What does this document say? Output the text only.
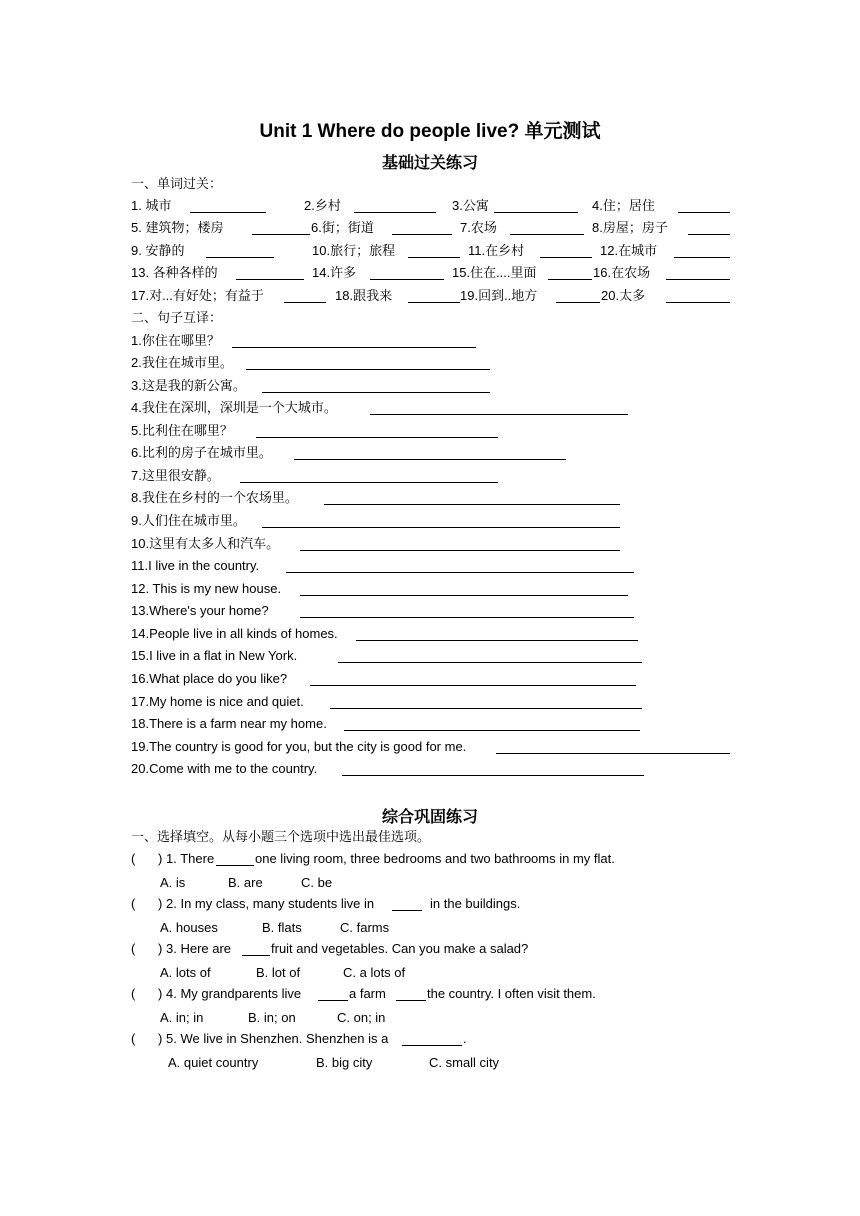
Unit 1 Where do people live? 单元测试
基础过关练习
一、单词过关：
1. 城市	2.乡村	3.公寓	4.住；居住
5. 建筑物；楼房	6.街；街道	7.农场	8.房屋；房子
9. 安静的	10.旅行；旅程	11.在乡村	12.在城市
13. 各种各样的	14.许多	15.住在....里面	16.在农场
17.对...有好处；有益于	18.跟我来	19.回到..地方	20.太多
二、句子互译：
1.你住在哪里？
2.我住在城市里。
3.这是我的新公寓。
4.我住在深圳，深圳是一个大城市。
5.比利住在哪里？
6.比利的房子在城市里。
7.这里很安静。
8.我住在乡村的一个农场里。
9.人们住在城市里。
10.这里有太多人和汽车。
11.I live in the country.
12. This is my new house.
13.Where's your home?
14.People live in all kinds of homes.
15.I live in a flat in New York.
16.What place do you like?
17.My home is nice and quiet.
18.There is a farm near my home.
19.The country is good for you, but the city is good for me.
20.Come with me to the country.
综合巩固练习
一、选择填空。从每小题三个选项中选出最佳选项。
( ) 1. There	one living room, three bedrooms and two bathrooms in my flat.
A. is	B. are	C. be
( ) 2. In my class, many students live in	in the buildings.
A. houses	B. flats	C. farms
( ) 3. Here are	fruit and vegetables. Can you make a salad?
A. lots of	B. lot of	C. a lots of
( ) 4. My grandparents live	a farm	the country. I often visit them.
A. in; in	B. in; on	C. on; in
( ) 5. We live in Shenzhen. Shenzhen is a	.
A. quiet country	B. big city	C. small city
